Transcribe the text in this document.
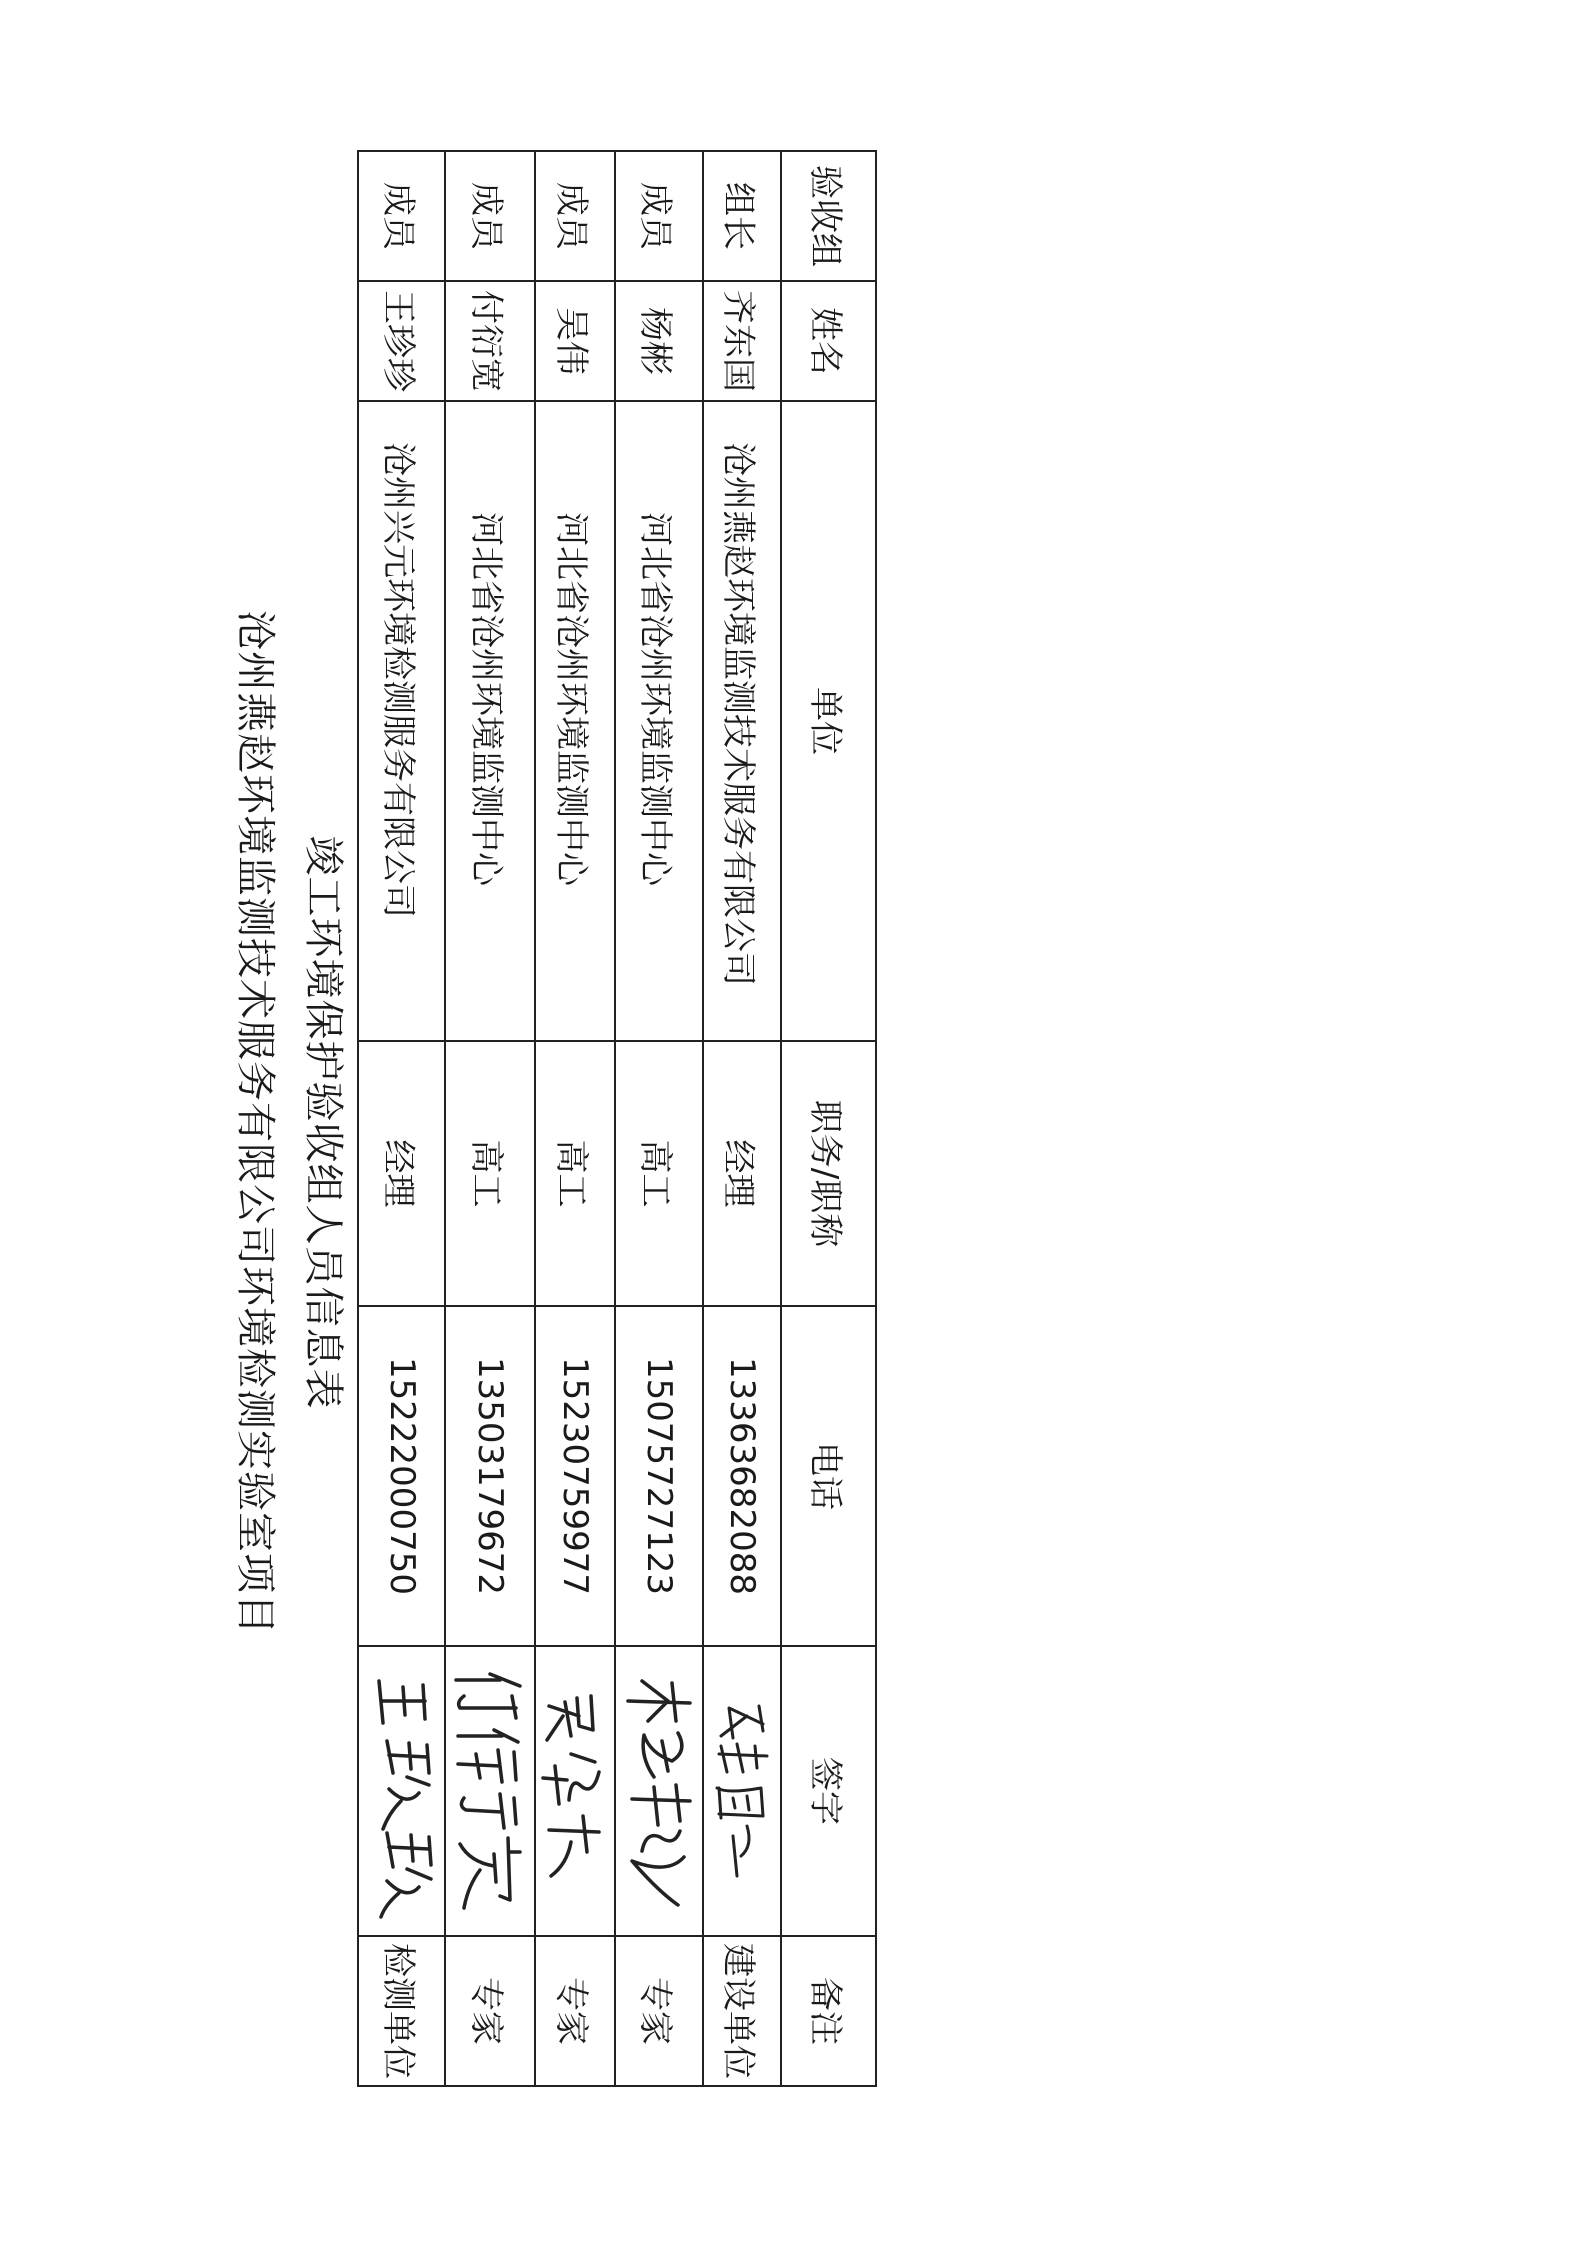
沧州燕赵环境监测技术服务有限公司环境检测实验室项目 竣工环境保护验收组人员信息表
验收组	姓名	单位	职务/职称	电话	签字	备注
组长	齐东国	沧州燕赵环境监测技术服务有限公司	经理	13363682088		建设单位
成员	杨彬	河北省沧州环境监测中心	高工	15075727123		专家
成员	吴伟	河北省沧州环境监测中心	高工	15230759977		专家
成员	付衍宽	河北省沧州环境监测中心	高工	13503179672		专家
成员	王珍珍	沧州兴元环境检测服务有限公司	经理	15222000750		检测单位
